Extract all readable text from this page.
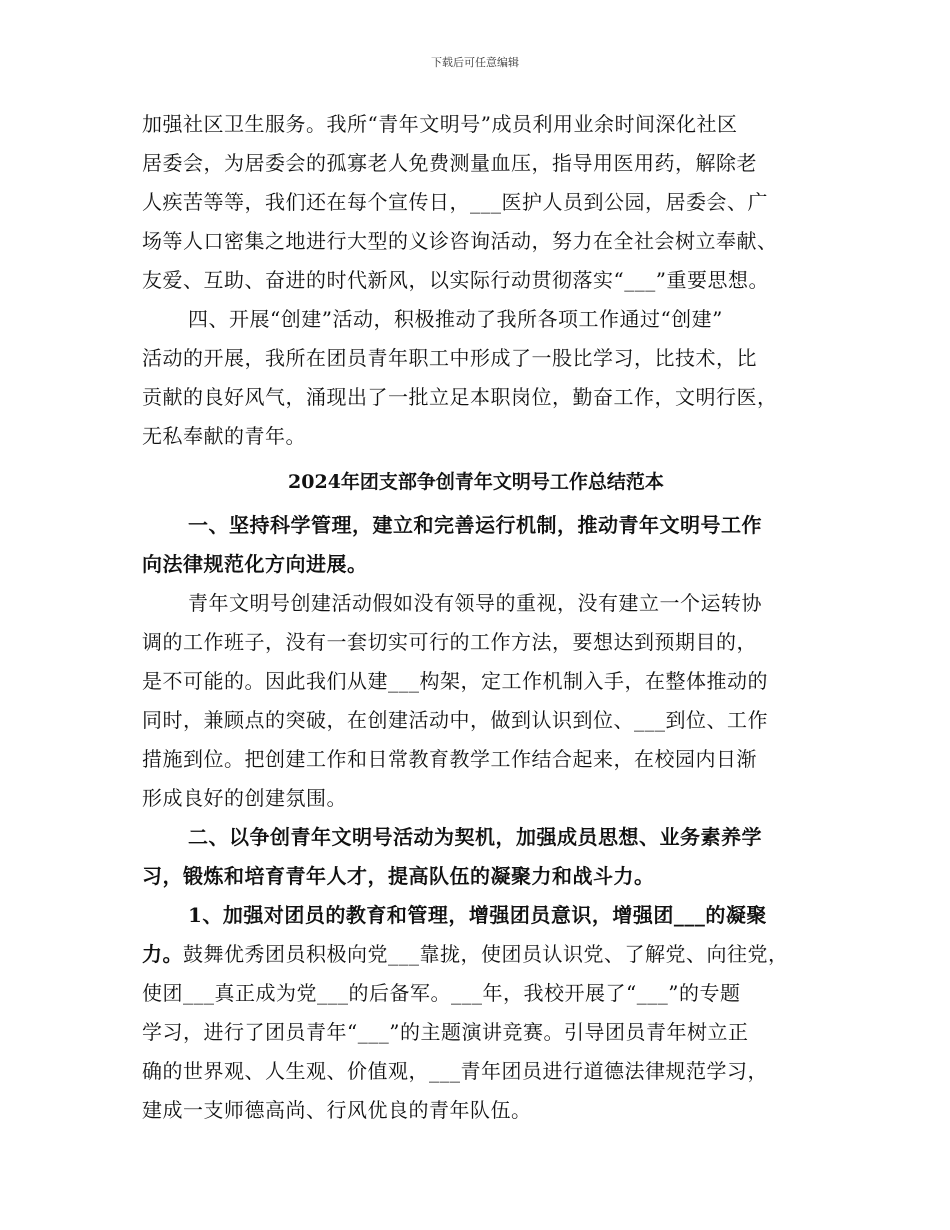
下载后可任意编辑
加强社区卫生服务。我所“青年文明号”成员利用业余时间深化社区
居委会，为居委会的孤寡老人免费测量血压，指导用医用药，解除老
人疾苦等等，我们还在每个宣传日，___医护人员到公园，居委会、广
场等人口密集之地进行大型的义诊咨询活动，努力在全社会树立奉献、
友爱、互助、奋进的时代新风，以实际行动贯彻落实“___”重要思想。
四、开展“创建”活动，积极推动了我所各项工作通过“创建”
活动的开展，我所在团员青年职工中形成了一股比学习，比技术，比
贡献的良好风气，涌现出了一批立足本职岗位，勤奋工作，文明行医，
无私奉献的青年。
2024年团支部争创青年文明号工作总结范本
一、坚持科学管理，建立和完善运行机制，推动青年文明号工作
向法律规范化方向进展。
青年文明号创建活动假如没有领导的重视，没有建立一个运转协
调的工作班子，没有一套切实可行的工作方法，要想达到预期目的，
是不可能的。因此我们从建___构架，定工作机制入手，在整体推动的
同时，兼顾点的突破，在创建活动中，做到认识到位、___到位、工作
措施到位。把创建工作和日常教育教学工作结合起来，在校园内日渐
形成良好的创建氛围。
二、以争创青年文明号活动为契机，加强成员思想、业务素养学
习，锻炼和培育青年人才，提高队伍的凝聚力和战斗力。
1、加强对团员的教育和管理，增强团员意识，增强团___的凝聚
力。鼓舞优秀团员积极向党___靠拢，使团员认识党、了解党、向往党，
使团___真正成为党___的后备军。___年，我校开展了“___”的专题
学习，进行了团员青年“___”的主题演讲竞赛。引导团员青年树立正
确的世界观、人生观、价值观，___青年团员进行道德法律规范学习，
建成一支师德高尚、行风优良的青年队伍。
